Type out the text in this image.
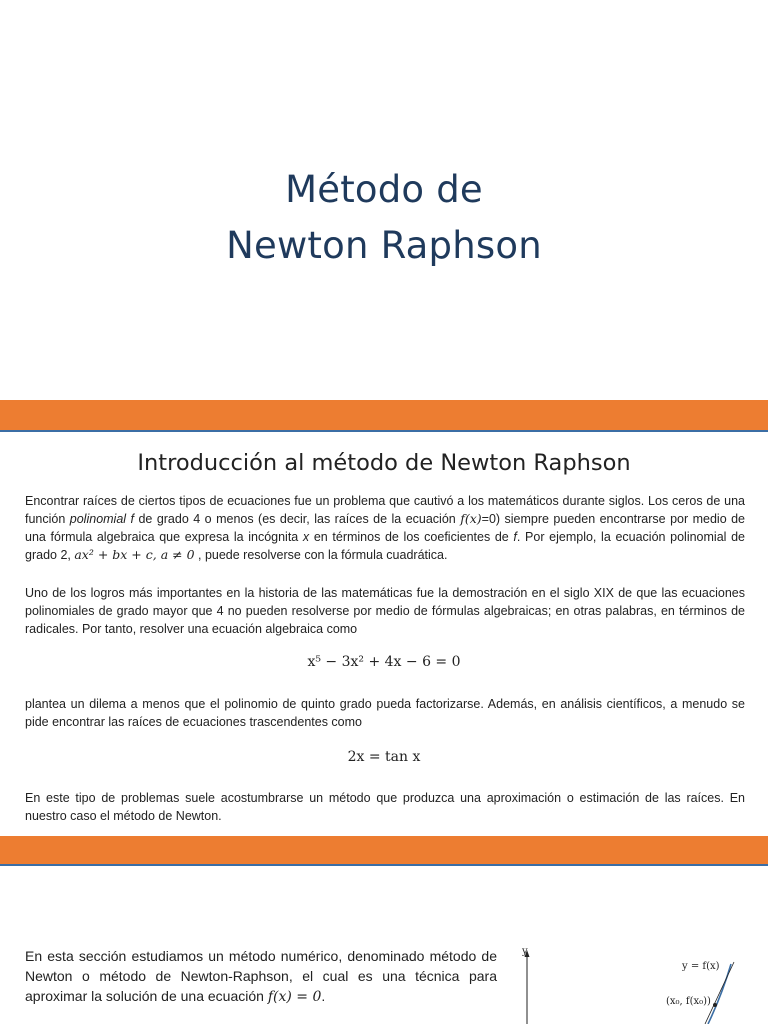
Método de
Newton Raphson
Introducción al método de Newton Raphson
Encontrar raíces de ciertos tipos de ecuaciones fue un problema que cautivó a los matemáticos durante siglos. Los ceros de una función polinomial f de grado 4 o menos (es decir, las raíces de la ecuación f(x)=0) siempre pueden encontrarse por medio de una fórmula algebraica que expresa la incógnita x en términos de los coeficientes de f. Por ejemplo, la ecuación polinomial de grado 2, ax² + bx + c, a ≠ 0 , puede resolverse con la fórmula cuadrática.
Uno de los logros más importantes en la historia de las matemáticas fue la demostración en el siglo XIX de que las ecuaciones polinomiales de grado mayor que 4 no pueden resolverse por medio de fórmulas algebraicas; en otras palabras, en términos de radicales. Por tanto, resolver una ecuación algebraica como
x⁵ − 3x² + 4x − 6 = 0
plantea un dilema a menos que el polinomio de quinto grado pueda factorizarse. Además, en análisis científicos, a menudo se pide encontrar las raíces de ecuaciones trascendentes como
2x = tan x
En este tipo de problemas suele acostumbrarse un método que produzca una aproximación o estimación de las raíces. En nuestro caso el método de Newton.
En esta sección estudiamos un método numérico, denominado método de Newton o método de Newton-Raphson, el cual es una técnica para aproximar la solución de una ecuación f(x) = 0.
y
y = f(x)
(x₀, f(x₀))
